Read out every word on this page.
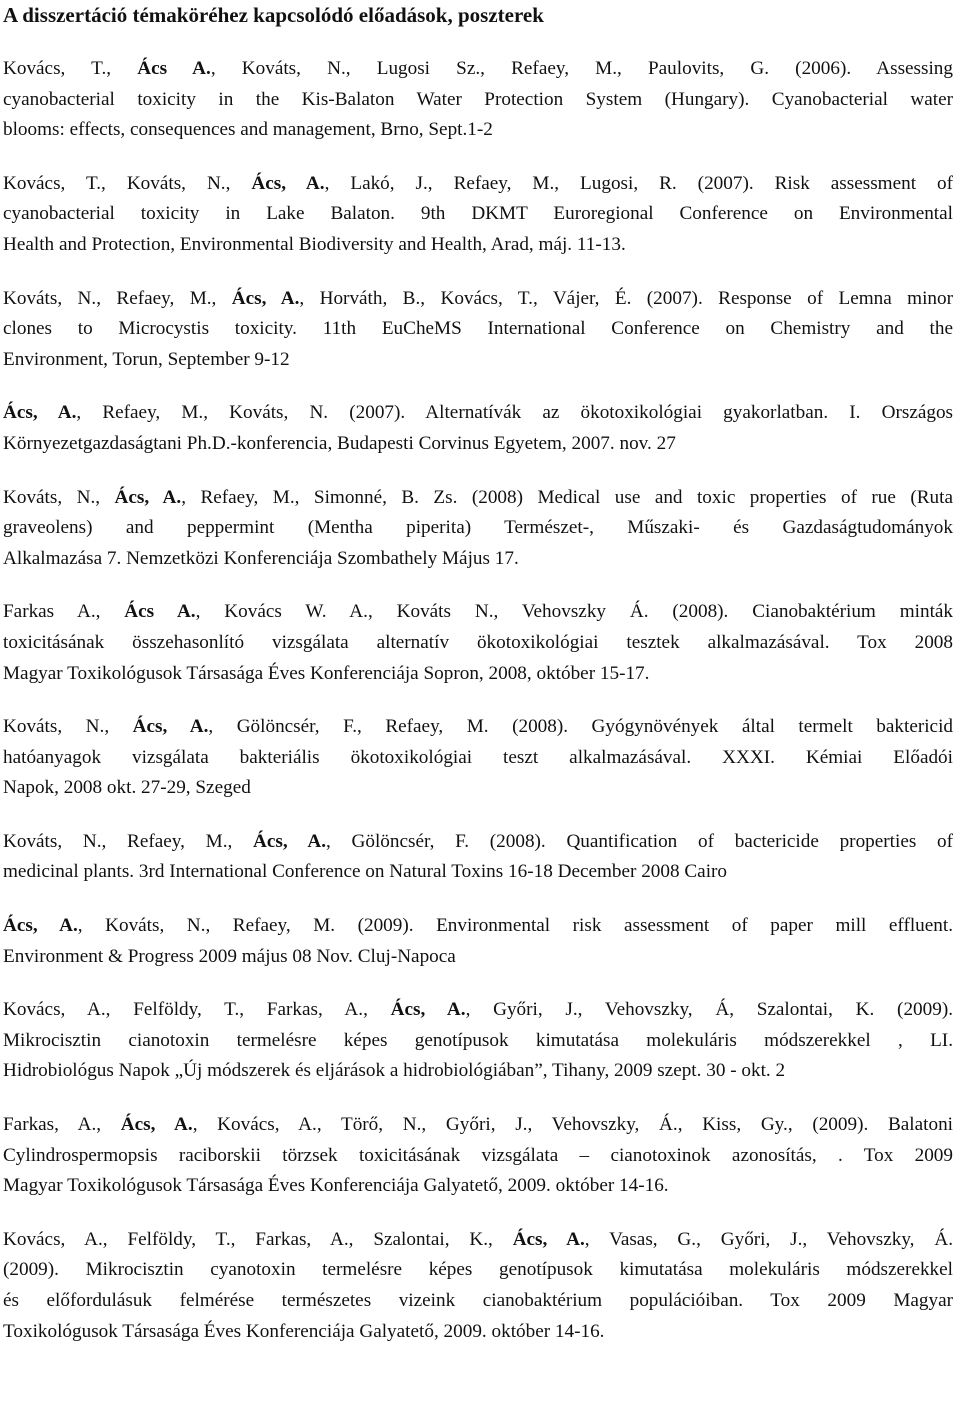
A disszertáció témaköréhez kapcsolódó előadások, poszterek
Kovács, T., Ács A., Kováts, N., Lugosi Sz., Refaey, M., Paulovits, G. (2006). Assessing
cyanobacterial toxicity in the Kis-Balaton Water Protection System (Hungary). Cyanobacterial water
blooms: effects, consequences and management, Brno, Sept.1-2
Kovács, T., Kováts, N., Ács, A., Lakó, J., Refaey, M., Lugosi, R. (2007). Risk assessment of
cyanobacterial toxicity in Lake Balaton. 9th DKMT Euroregional Conference on Environmental
Health and Protection, Environmental Biodiversity and Health, Arad, máj. 11-13.
Kováts, N., Refaey, M., Ács, A., Horváth, B., Kovács, T., Vájer, É. (2007). Response of Lemna minor
clones to Microcystis toxicity. 11th EuCheMS International Conference on Chemistry and the
Environment, Torun, September 9-12
Ács, A., Refaey, M., Kováts, N. (2007). Alternatívák az ökotoxikológiai gyakorlatban. I. Országos
Környezetgazdaságtani Ph.D.-konferencia, Budapesti Corvinus Egyetem, 2007. nov. 27
Kováts, N., Ács, A., Refaey, M., Simonné, B. Zs. (2008) Medical use and toxic properties of rue (Ruta
graveolens) and peppermint (Mentha piperita) Természet-, Műszaki- és Gazdaságtudományok
Alkalmazása 7. Nemzetközi Konferenciája Szombathely Május 17.
Farkas A., Ács A., Kovács W. A., Kováts N., Vehovszky Á. (2008). Cianobaktérium minták
toxicitásának összehasonlító vizsgálata alternatív ökotoxikológiai tesztek alkalmazásával. Tox 2008
Magyar Toxikológusok Társasága Éves Konferenciája Sopron, 2008, október 15-17.
Kováts, N., Ács, A., Gölöncsér, F., Refaey, M. (2008). Gyógynövények által termelt baktericid
hatóanyagok vizsgálata bakteriális ökotoxikológiai teszt alkalmazásával. XXXI. Kémiai Előadói
Napok, 2008 okt. 27-29, Szeged
Kováts, N., Refaey, M., Ács, A., Gölöncsér, F. (2008). Quantification of bactericide properties of
medicinal plants. 3rd International Conference on Natural Toxins 16-18 December 2008 Cairo
Ács, A., Kováts, N., Refaey, M. (2009). Environmental risk assessment of paper mill effluent.
Environment & Progress 2009 május 08 Nov. Cluj-Napoca
Kovács, A., Felföldy, T., Farkas, A., Ács, A., Győri, J., Vehovszky, Á, Szalontai, K. (2009).
Mikrocisztin cianotoxin termelésre képes genotípusok kimutatása molekuláris módszerekkel , LI.
Hidrobiológus Napok „Új módszerek és eljárások a hidrobiológiában”, Tihany, 2009 szept. 30 - okt. 2
Farkas, A., Ács, A., Kovács, A., Törő, N., Győri, J., Vehovszky, Á., Kiss, Gy., (2009). Balatoni
Cylindrospermopsis raciborskii törzsek toxicitásának vizsgálata – cianotoxinok azonosítás, . Tox 2009
Magyar Toxikológusok Társasága Éves Konferenciája Galyatető, 2009. október 14-16.
Kovács, A., Felföldy, T., Farkas, A., Szalontai, K., Ács, A., Vasas, G., Győri, J., Vehovszky, Á.
(2009). Mikrocisztin cyanotoxin termelésre képes genotípusok kimutatása molekuláris módszerekkel
és előfordulásuk felmérése természetes vizeink cianobaktérium populációiban. Tox 2009 Magyar
Toxikológusok Társasága Éves Konferenciája Galyatető, 2009. október 14-16.
